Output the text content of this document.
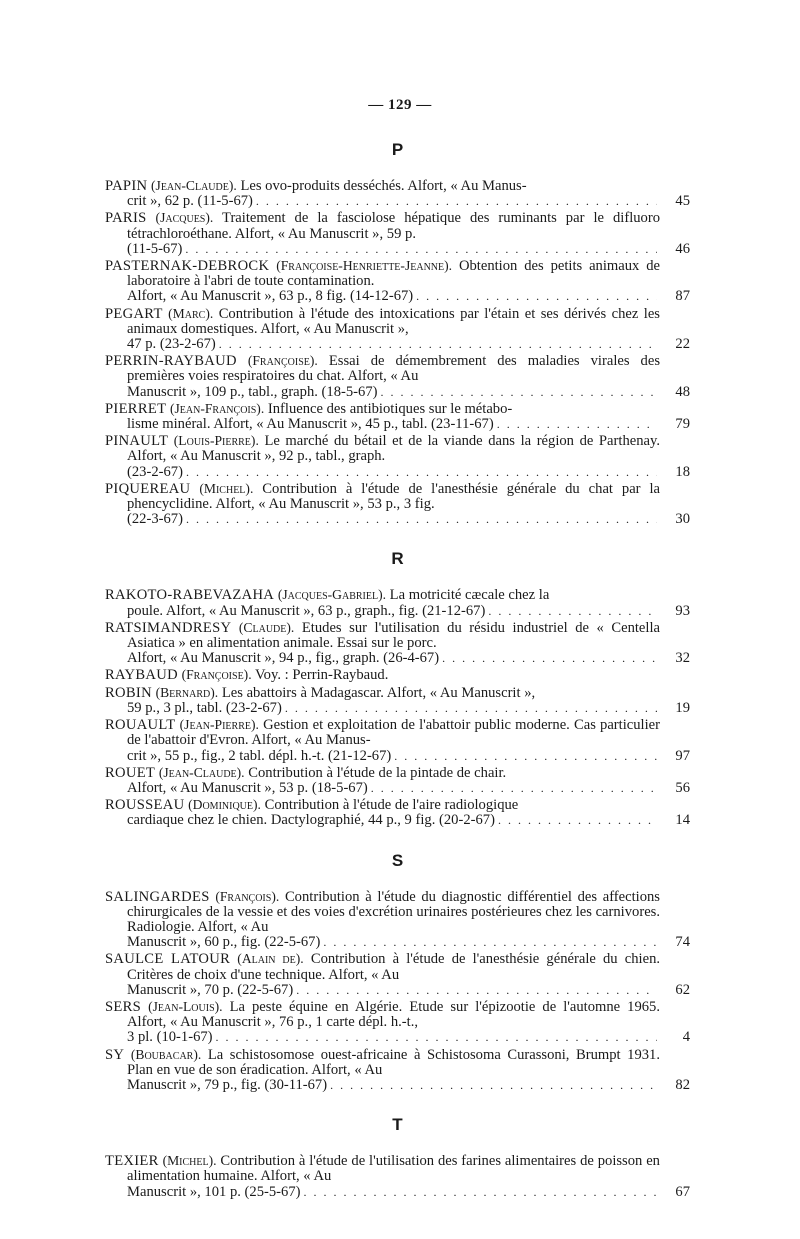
— 129 —
P
PAPIN (Jean-Claude). Les ovo-produits desséchés. Alfort, « Au Manus-
crit », 62 p. (11-5-67) . . .	45
PARIS (Jacques). Traitement de la fasciolose hépatique des ruminants par le difluoro tétrachloroéthane. Alfort, « Au Manuscrit », 59 p.
(11-5-67) . . .	46
PASTERNAK-DEBROCK (Françoise-Henriette-Jeanne). Obtention des petits animaux de laboratoire à l'abri de toute contamination.
Alfort, « Au Manuscrit », 63 p., 8 fig. (14-12-67) . . .	87
PEGART (Marc). Contribution à l'étude des intoxications par l'étain et ses dérivés chez les animaux domestiques. Alfort, « Au Manuscrit »,
47 p. (23-2-67) . . .	22
PERRIN-RAYBAUD (Françoise). Essai de démembrement des maladies virales des premières voies respiratoires du chat. Alfort, « Au
Manuscrit », 109 p., tabl., graph. (18-5-67) . . .	48
PIERRET (Jean-François). Influence des antibiotiques sur le métabo-
lisme minéral. Alfort, « Au Manuscrit », 45 p., tabl. (23-11-67) . . .	79
PINAULT (Louis-Pierre). Le marché du bétail et de la viande dans la région de Parthenay. Alfort, « Au Manuscrit », 92 p., tabl., graph.
(23-2-67) . . .	18
PIQUEREAU (Michel). Contribution à l'étude de l'anesthésie générale du chat par la phencyclidine. Alfort, « Au Manuscrit », 53 p., 3 fig.
(22-3-67) . . .	30
R
RAKOTO-RABEVAZAHA (Jacques-Gabriel). La motricité cæcale chez la
poule. Alfort, « Au Manuscrit », 63 p., graph., fig. (21-12-67) . . .	93
RATSIMANDRESY (Claude). Etudes sur l'utilisation du résidu industriel de « Centella Asiatica » en alimentation animale. Essai sur le porc.
Alfort, « Au Manuscrit », 94 p., fig., graph. (26-4-67) . . .	32
RAYBAUD (Françoise). Voy. : Perrin-Raybaud.
ROBIN (Bernard). Les abattoirs à Madagascar. Alfort, « Au Manuscrit »,
59 p., 3 pl., tabl. (23-2-67) . . .	19
ROUAULT (Jean-Pierre). Gestion et exploitation de l'abattoir public moderne. Cas particulier de l'abattoir d'Evron. Alfort, « Au Manus-
crit », 55 p., fig., 2 tabl. dépl. h.-t. (21-12-67) . . .	97
ROUET (Jean-Claude). Contribution à l'étude de la pintade de chair.
Alfort, « Au Manuscrit », 53 p. (18-5-67) . . .	56
ROUSSEAU (Dominique). Contribution à l'étude de l'aire radiologique
cardiaque chez le chien. Dactylographié, 44 p., 9 fig. (20-2-67) . . .	14
S
SALINGARDES (François). Contribution à l'étude du diagnostic différentiel des affections chirurgicales de la vessie et des voies d'excrétion urinaires postérieures chez les carnivores. Radiologie. Alfort, « Au
Manuscrit », 60 p., fig. (22-5-67) . . .	74
SAULCE LATOUR (Alain de). Contribution à l'étude de l'anesthésie générale du chien. Critères de choix d'une technique. Alfort, « Au
Manuscrit », 70 p. (22-5-67) . . .	62
SERS (Jean-Louis). La peste équine en Algérie. Etude sur l'épizootie de l'automne 1965. Alfort, « Au Manuscrit », 76 p., 1 carte dépl. h.-t.,
3 pl. (10-1-67) . . .	4
SY (Boubacar). La schistosomose ouest-africaine à Schistosoma Curassoni, Brumpt 1931. Plan en vue de son éradication. Alfort, « Au
Manuscrit », 79 p., fig. (30-11-67) . . .	82
T
TEXIER (Michel). Contribution à l'étude de l'utilisation des farines alimentaires de poisson en alimentation humaine. Alfort, « Au
Manuscrit », 101 p. (25-5-67) . . .	67
